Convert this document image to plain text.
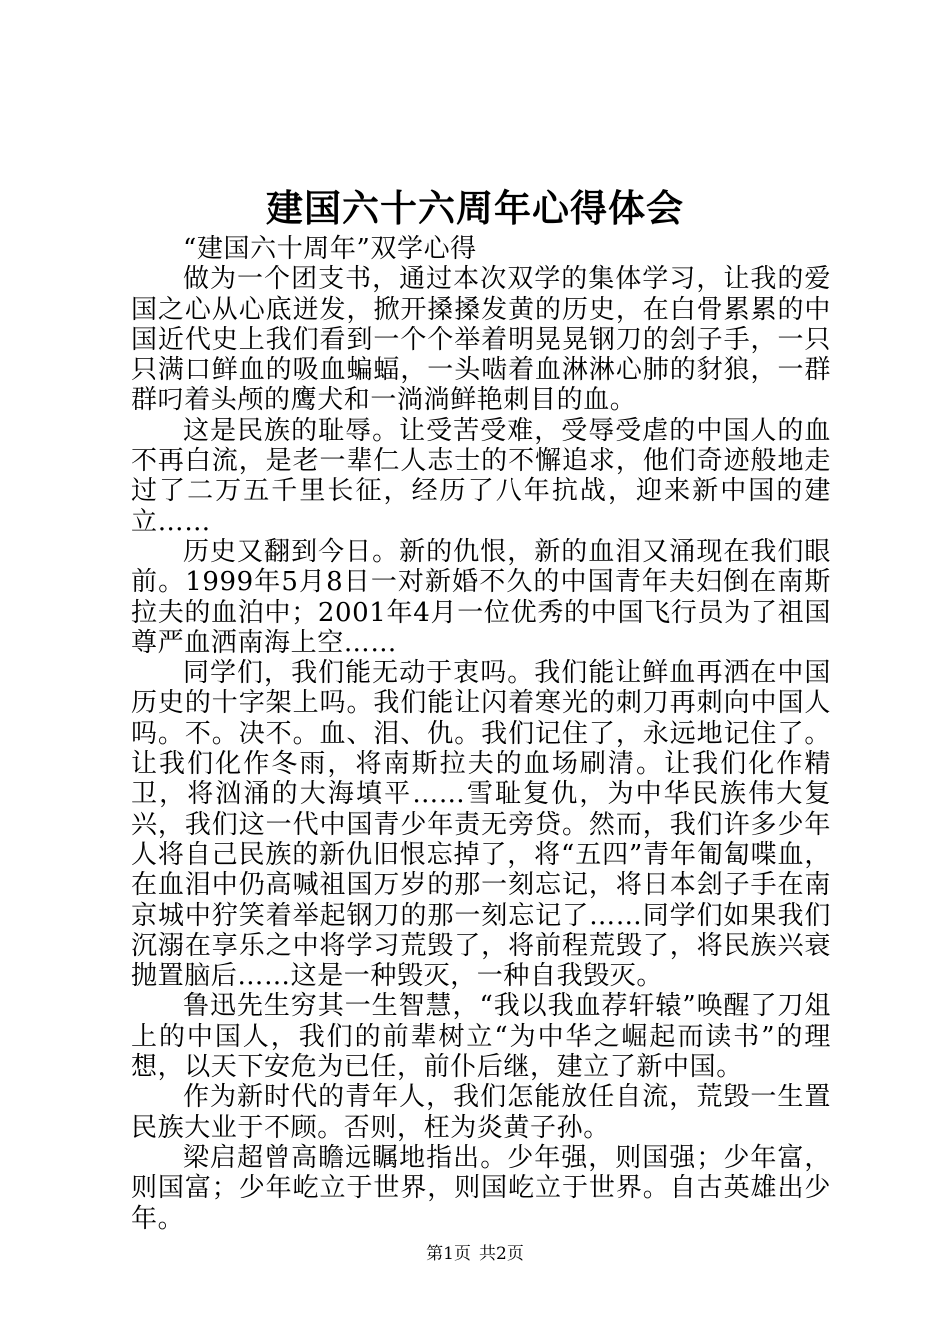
建国六十六周年心得体会
“建国六十周年”双学心得

做为一个团支书，通过本次双学的集体学习，让我的爱国之心从心底迸发，掀开搡搡发黄的历史，在白骨累累的中国近代史上我们看到一个个举着明晃晃钢刀的刽子手，一只只满口鲜血的吸血蝙蝠，一头啮着血淋淋心肺的豺狼，一群群叼着头颅的鹰犬和一淌淌鲜艳刺目的血。

这是民族的耻辱。让受苦受难，受辱受虐的中国人的血不再白流，是老一辈仁人志士的不懈追求，他们奇迹般地走过了二万五千里长征，经历了八年抗战，迎来新中国的建立……

历史又翻到今日。新的仇恨，新的血泪又涌现在我们眼前。1999年5月8日一对新婚不久的中国青年夫妇倒在南斯拉夫的血泊中；2001年4月一位优秀的中国飞行员为了祖国尊严血洒南海上空……

同学们，我们能无动于衷吗。我们能让鲜血再洒在中国历史的十字架上吗。我们能让闪着寒光的刺刀再刺向中国人吗。不。决不。血、泪、仇。我们记住了，永远地记住了。让我们化作冬雨，将南斯拉夫的血场刷清。让我们化作精卫，将汹涌的大海填平……雪耻复仇，为中华民族伟大复兴，我们这一代中国青少年责无旁贷。然而，我们许多少年人将自己民族的新仇旧恨忘掉了，将“五四”青年匍匐喋血，在血泪中仍高喊祖国万岁的那一刻忘记，将日本刽子手在南京城中狞笑着举起钢刀的那一刻忘记了……同学们如果我们沉溺在享乐之中将学习荒毁了，将前程荒毁了，将民族兴衰抛置脑后……这是一种毁灭，一种自我毁灭。

鲁迅先生穷其一生智慧，“我以我血荐轩辕”唤醒了刀俎上的中国人，我们的前辈树立“为中华之崛起而读书”的理想，以天下安危为已任，前仆后继，建立了新中国。

作为新时代的青年人，我们怎能放任自流，荒毁一生置民族大业于不顾。否则，枉为炎黄子孙。

梁启超曾高瞻远瞩地指出。少年强，则国强；少年富，则国富；少年屹立于世界，则国屹立于世界。自古英雄出少年。

第1页 共2页
